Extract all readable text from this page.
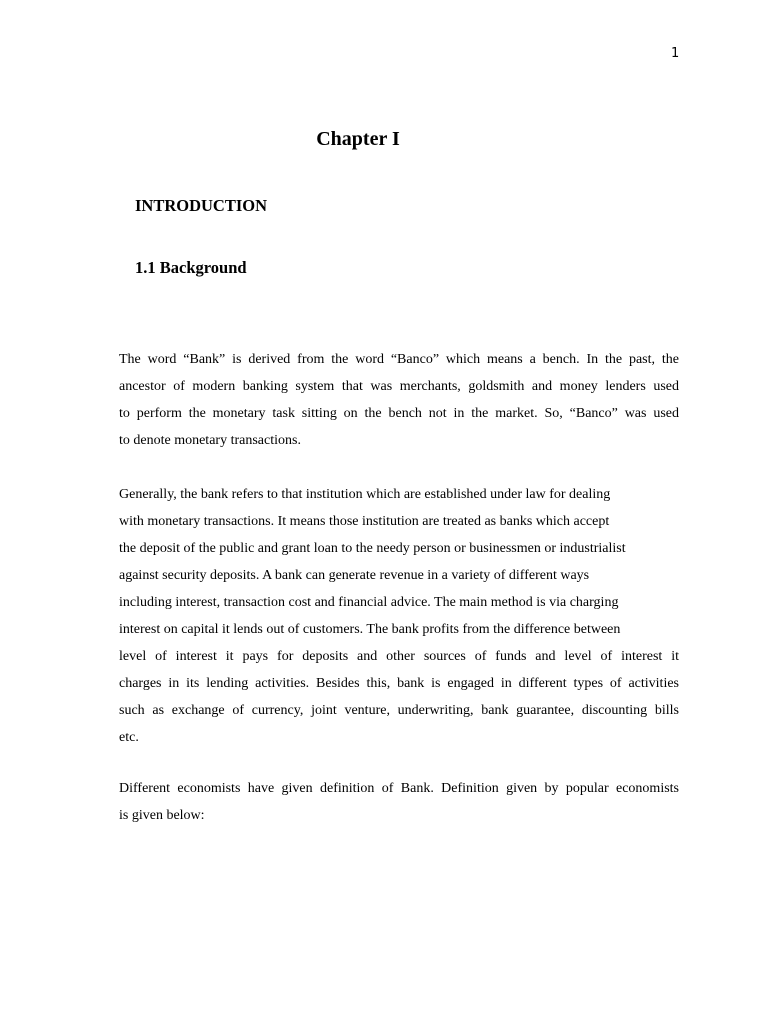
1
Chapter I
INTRODUCTION
1.1 Background
The word “Bank” is derived from the word “Banco” which means a bench. In the past, the
ancestor of modern banking system that was merchants, goldsmith and money lenders used
to perform the monetary task sitting on the bench not in the market. So, “Banco” was used
to denote monetary transactions.
Generally, the bank refers to that institution which are established under law for dealing
with monetary transactions. It means those institution are treated as banks which accept
the deposit of the public and grant loan to the needy person or businessmen or industrialist
against security deposits. A bank can generate revenue in a variety of different ways
including interest, transaction cost and financial advice. The main method is via charging
interest on capital it lends out of customers. The bank profits from the difference between
level of interest it pays for deposits and other sources of funds and level of interest it
charges in its lending activities. Besides this, bank is engaged in different types of activities
such as exchange of currency, joint venture, underwriting, bank guarantee, discounting bills
etc.
Different economists have given definition of Bank. Definition given by popular economists
is given below:
